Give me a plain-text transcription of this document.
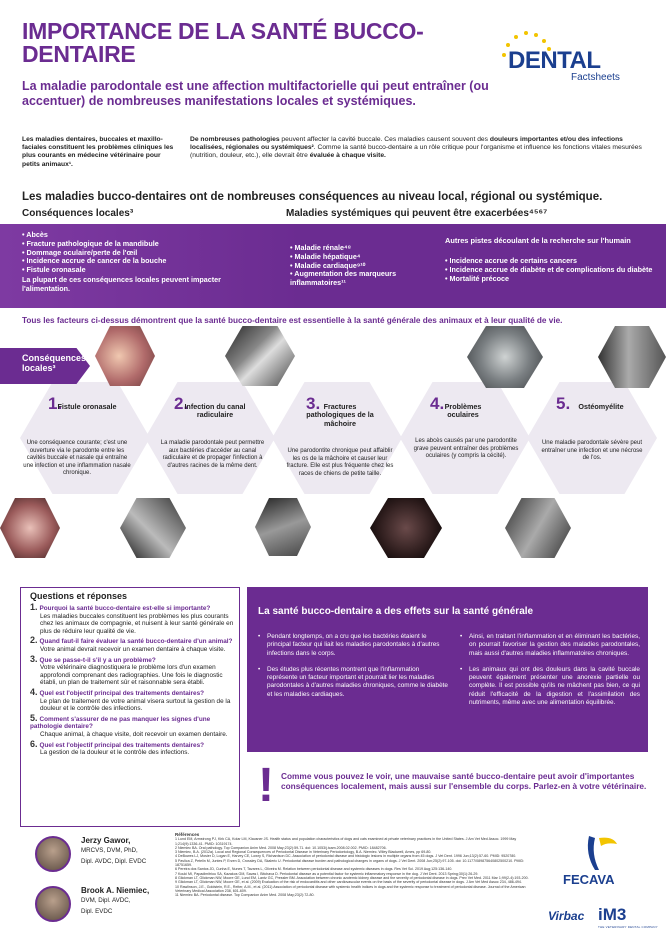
IMPORTANCE DE LA SANTÉ BUCCO-DENTAIRE	DENTAL
Factsheets
La maladie parodontale est une affection multifactorielle qui peut entraîner (ou accentuer) de nombreuses manifestations locales et systémiques.
Les maladies dentaires, buccales et maxillo-faciales constituent les problèmes cliniques les plus courants en médecine vétérinaire pour petits animaux¹.
De nombreuses pathologies peuvent affecter la cavité buccale. Ces maladies causent souvent des douleurs importantes et/ou des infections localisées, régionales ou systémiques². Comme la santé bucco-dentaire a un rôle critique pour l'organisme et influence les fonctions vitales mesurées (nutrition, douleur, etc.), elle devrait être évaluée à chaque visite.
Les maladies bucco-dentaires ont de nombreuses conséquences au niveau local, régional ou systémique.
Conséquences locales³	Maladies systémiques qui peuvent être exacerbées⁴⁵⁶⁷
• Abcès
• Fracture pathologique de la mandibule
• Dommage oculaire/perte de l'œil
• Incidence accrue de cancer de la bouche
• Fistule oronasale
La plupart de ces conséquences locales peuvent impacter l'alimentation.
• Maladie rénale⁴⁸
• Maladie hépatique⁴
• Maladie cardiaque⁹¹⁰
• Augmentation des marqueurs inflammatoires¹¹
Autres pistes découlant de la recherche sur l'humain
• Incidence accrue de certains cancers
• Incidence accrue de diabète et de complications du diabète
• Mortalité précoce
Tous les facteurs ci-dessus démontrent que la santé bucco-dentaire est essentielle à la santé générale des animaux et à leur qualité de vie.
Conséquences locales³
1.
Fistule oronasale
Une conséquence courante; c'est une ouverture via le parodonte entre les cavités buccale et nasale qui entraîne une infection et une inflammation nasale chronique.
2.
Infection du canal radiculaire
La maladie parodontale peut permettre aux bactéries d'accéder au canal radiculaire et de propager l'infection à d'autres racines de la même dent.
3. Fractures pathologiques de la mâchoire
Une parodontite chronique peut affaiblir les os de la mâchoire et causer leur fracture. Elle est plus fréquente chez les races de chiens de petite taille.
4. Problèmes oculaires
Les abcès causés par une parodontite grave peuvent entraîner des problèmes oculaires (y compris la cécité).
5.	Ostéomyélite
Une maladie parodontale sévère peut entraîner une infection et une nécrose de l'os.
Questions et réponses
1. Pourquoi la santé bucco-dentaire est-elle si importante?
Les maladies buccales constituent les problèmes les plus courants chez les animaux de compagnie, et nuisent à leur santé générale en plus de réduire leur qualité de vie.
2. Quand faut-il faire évaluer la santé bucco-dentaire d'un animal?
Votre animal devrait recevoir un examen dentaire à chaque visite.
3. Que se passe-t-il s'il y a un problème?
Votre vétérinaire diagnostiquera le problème lors d'un examen approfondi comprenant des radiographies. Une fois le diagnostic établi, un plan de traitement sûr et raisonnable sera établi.
4. Quel est l'objectif principal des traitements dentaires?
Le plan de traitement de votre animal visera surtout la gestion de la douleur et le contrôle des infections.
5. Comment s'assurer de ne pas manquer les signes d'une pathologie dentaire?
Chaque animal, à chaque visite, doit recevoir un examen dentaire.
6. Quel est l'objectif principal des traitements dentaires?
La gestion de la douleur et le contrôle des infections.
La santé bucco-dentaire a des effets sur la santé générale
• Pendant longtemps, on a cru que les bactéries étaient le principal facteur qui liait les maladies parodontales à d'autres infections dans le corps.
• Des études plus récentes montrent que l'inflammation représente un facteur important et pourrait lier les maladies parodontales à d'autres maladies chroniques, comme le diabète et les maladies cardiaques.
• Ainsi, en traitant l'inflammation et en éliminant les bactéries, on pourrait favoriser la gestion des maladies parodontales, mais aussi d'autres maladies inflammatoires chroniques.
• Les animaux qui ont des douleurs dans la cavité buccale peuvent également présenter une anorexie partielle ou complète. Il est possible qu'ils ne mâchent pas bien, ce qui réduit l'efficacité de la digestion et l'assimilation des nutriments, même avec une alimentation équilibrée.
! Comme vous pouvez le voir, une mauvaise santé bucco-dentaire peut avoir d'importantes conséquences localement, mais aussi sur l'ensemble du corps. Parlez-en à votre vétérinaire.
Jerzy Gawor,
MRCVS, DVM, PhD,
Dipl. AVDC, Dipl. EVDC
Brook A. Niemiec,
DVM, Dipl. AVDC,
Dipl. EVDC
Références
1 Lund EM, Armstrong PJ, Kirk CA, Kolar LM, Klausner JS. Health status and population characteristics of dogs and cats examined at private veterinary practices in the United States. J Am Vet Med Assoc. 1999 May 1;214(9):1336-41. PMID: 10319174.
2 Niemiec BA. Oral pathology. Top Companion Anim Med. 2008 May;23(2):59-71. doi: 10.1053/j.tcam.2008.02.002. PMID: 18482706.
3 Niemiec, B.A. (2012a). Local and Regional Consequences of Periodontal Disease in Veterinary Periodontology, B.A. Niemiec. Wiley Blackwell, Ames, pp 69-80.
4 DeBowes LJ, Mosier D, Logan E, Harvey CE, Lowry S, Richardson DC. Association of periodontal disease and histologic lesions in multiple organs from 45 dogs. J Vet Dent. 1996 Jun;13(2):57-60. PMID: 9520780.
5 Pavlica Z, Petelin M, Juntes P, Erzen D, Crossley DA, Skaleric U. Periodontal disease burden and pathological changes in organs of dogs. J Vet Dent. 2008 Jun;25(2):97-105. doi: 10.1177/089875640802500210. PMID: 18751659.
6 Pereira dos Santos JD, Cunha E, Nunes T, Tavares L, Oliveira M. Relation between periodontal disease and systemic diseases in dogs. Res Vet Sci. 2019 Aug;125:136-140.
7 Kouki MI, Papadimitriou SA, Kazakos GM, Savas I, Bitchava D. Periodontal disease as a potential factor for systemic inflammatory response in the dog. J Vet Dent. 2013 Spring;30(1):26-29.
8 Glickman LT, Glickman NW, Moore GE, Lund EM, Lantz GC, Pressler BM. Association between chronic azotemic kidney disease and the severity of periodontal disease in dogs. Prev Vet Med. 2011 Mar 1;99(2-4):193-200.
9 Glickman LT, Glickman NW, Moore GE, et al. (2009) Evaluation of the risk of endocarditis and other cardiovascular events on the basis of the severity of periodontal disease in dogs. J Am Vet Med Assoc 234, 486-494.
10 Rawlinson, J.E., Goldstein, R.E., Reiter, A.M., et al. (2011) Association of periodontal disease with systemic health indices in dogs and the systemic response to treatment of periodontal disease. Journal of the American Veterinary Medical Association 238, 601-609.
11 Niemiec BA. Periodontal disease. Top Companion Anim Med. 2008 May;23(2):72-80.
FECAVA
Virbac iM3
THE VETERINARY DENTAL COMPANY
